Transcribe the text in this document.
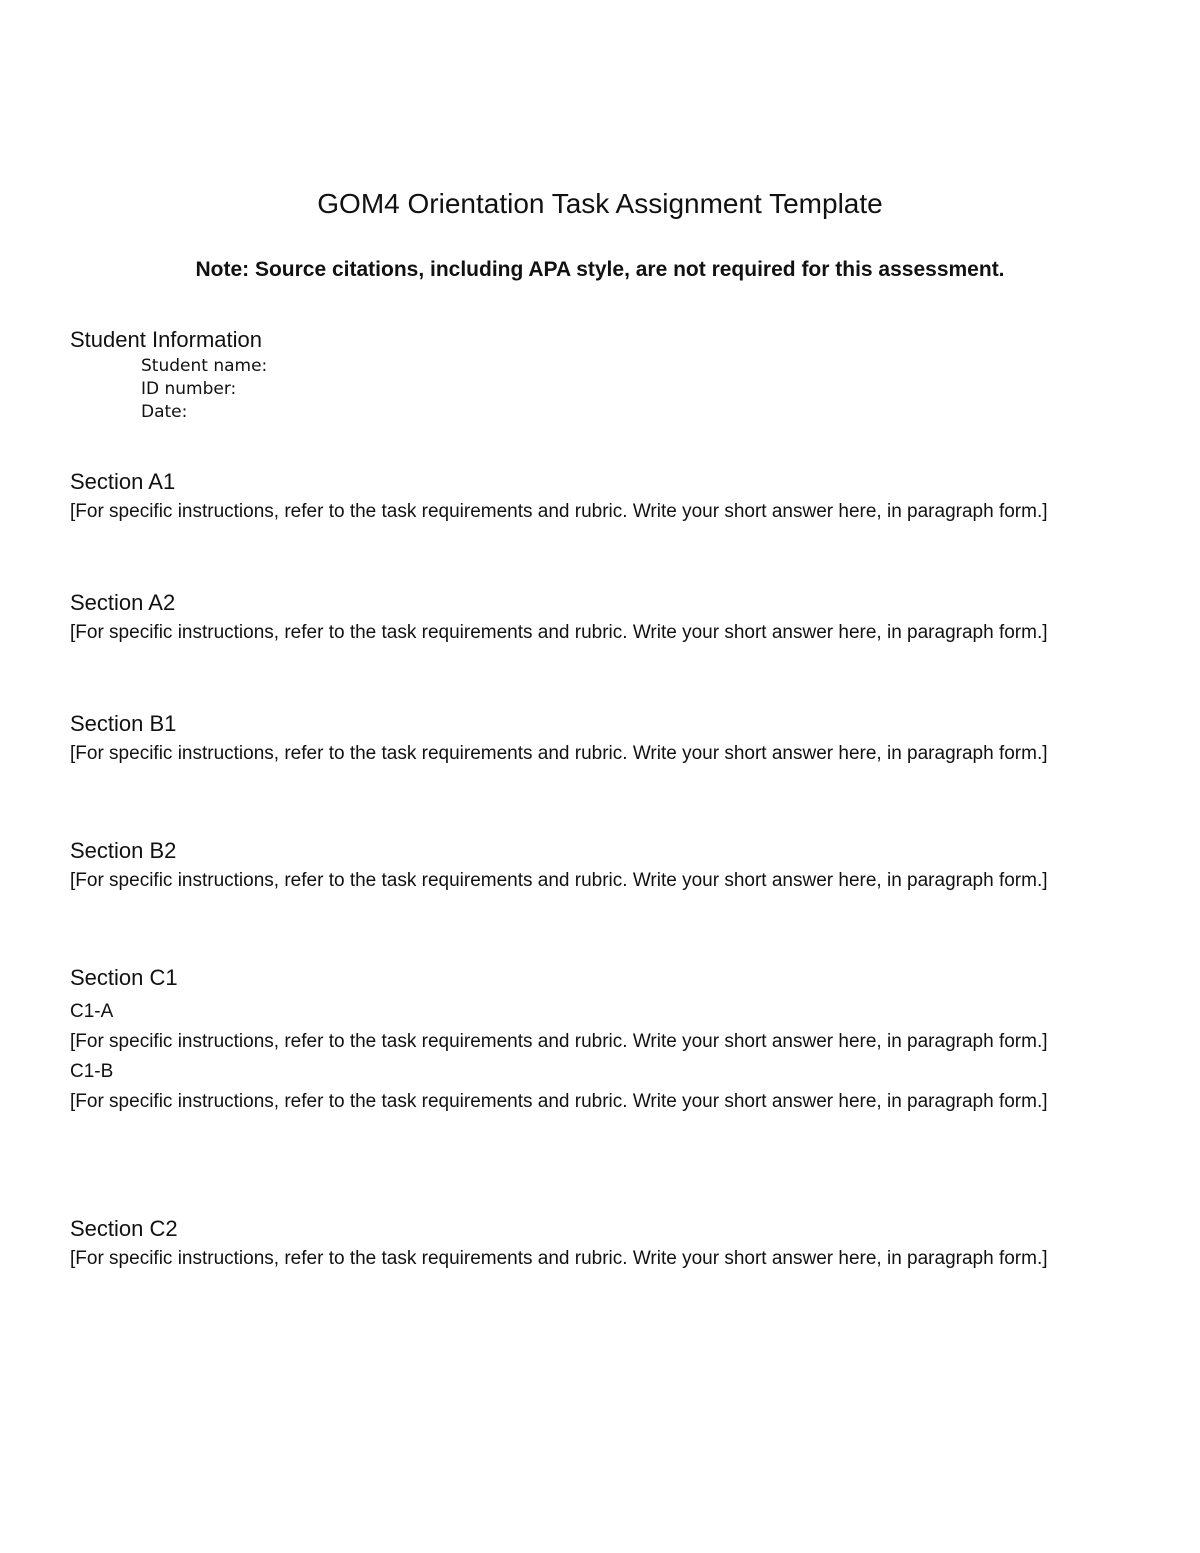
GOM4 Orientation Task Assignment Template

Note: Source citations, including APA style, are not required for this assessment.

Student Information
Student name:
ID number:
Date:
Section A1

[For specific instructions, refer to the task requirements and rubric. Write your short answer here, in paragraph form.]

Section A2

[For specific instructions, refer to the task requirements and rubric. Write your short answer here, in paragraph form.]

Section B1

[For specific instructions, refer to the task requirements and rubric. Write your short answer here, in paragraph form.]

Section B2

[For specific instructions, refer to the task requirements and rubric. Write your short answer here, in paragraph form.]

Section C1
C1-A

[For specific instructions, refer to the task requirements and rubric. Write your short answer here, in paragraph form.]

C1-B

[For specific instructions, refer to the task requirements and rubric. Write your short answer here, in paragraph form.]

Section C2

[For specific instructions, refer to the task requirements and rubric. Write your short answer here, in paragraph form.]
